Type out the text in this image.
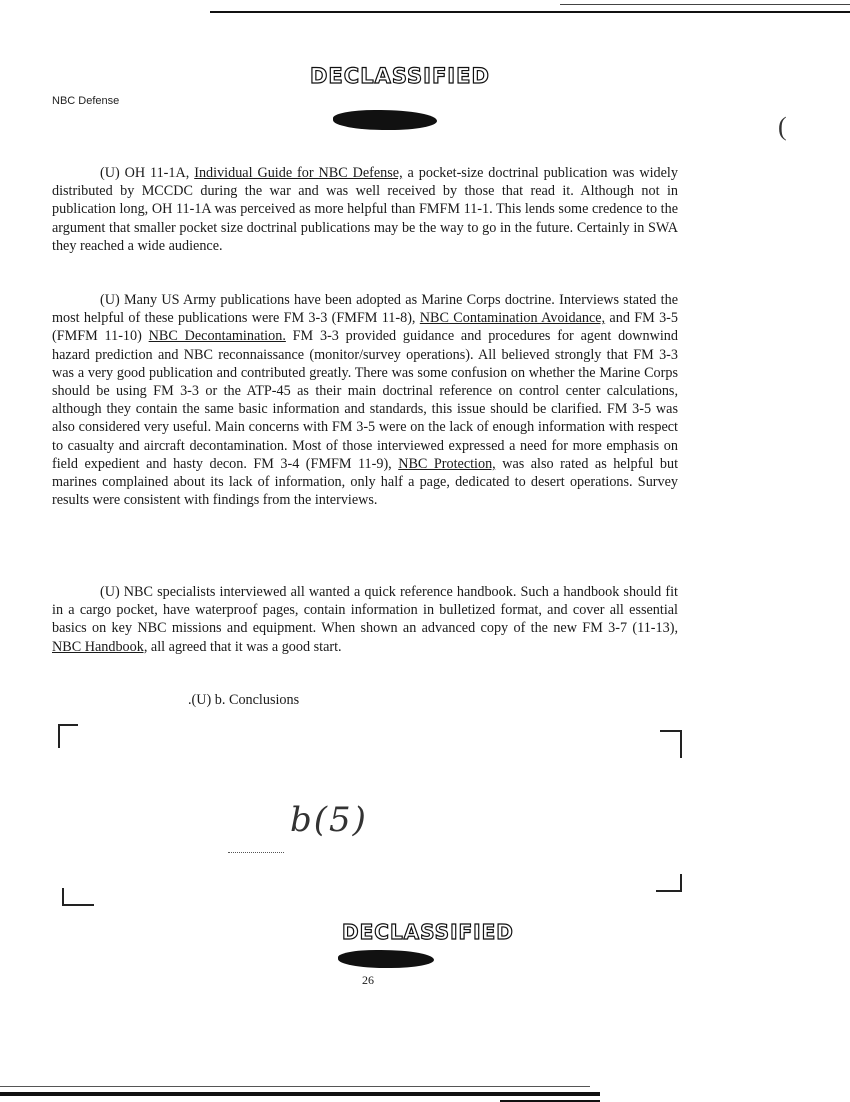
DECLASSIFIED
NBC Defense
(

(U) OH 11-1A, Individual Guide for NBC Defense, a pocket-size doctrinal publication was widely distributed by MCCDC during the war and was well received by those that read it. Although not in publication long, OH 11-1A was perceived as more helpful than FMFM 11-1. This lends some credence to the argument that smaller pocket size doctrinal publications may be the way to go in the future. Certainly in SWA they reached a wide audience.

(U) Many US Army publications have been adopted as Marine Corps doctrine. Interviews stated the most helpful of these publications were FM 3-3 (FMFM 11-8), NBC Contamination Avoidance, and FM 3-5 (FMFM 11-10) NBC Decontamination. FM 3-3 provided guidance and procedures for agent downwind hazard prediction and NBC reconnaissance (monitor/survey operations). All believed strongly that FM 3-3 was a very good publication and contributed greatly. There was some confusion on whether the Marine Corps should be using FM 3-3 or the ATP-45 as their main doctrinal reference on control center calculations, although they contain the same basic information and standards, this issue should be clarified. FM 3-5 was also considered very useful. Main concerns with FM 3-5 were on the lack of enough information with respect to casualty and aircraft decontamination. Most of those interviewed expressed a need for more emphasis on field expedient and hasty decon. FM 3-4 (FMFM 11-9), NBC Protection, was also rated as helpful but marines complained about its lack of information, only half a page, dedicated to desert operations. Survey results were consistent with findings from the interviews.

(U) NBC specialists interviewed all wanted a quick reference handbook. Such a handbook should fit in a cargo pocket, have waterproof pages, contain information in bulletized format, and cover all essential basics on key NBC missions and equipment. When shown an advanced copy of the new FM 3-7 (11-13), NBC Handbook, all agreed that it was a good start.

.(U) b. Conclusions
b(5)
DECLASSIFIED
26
